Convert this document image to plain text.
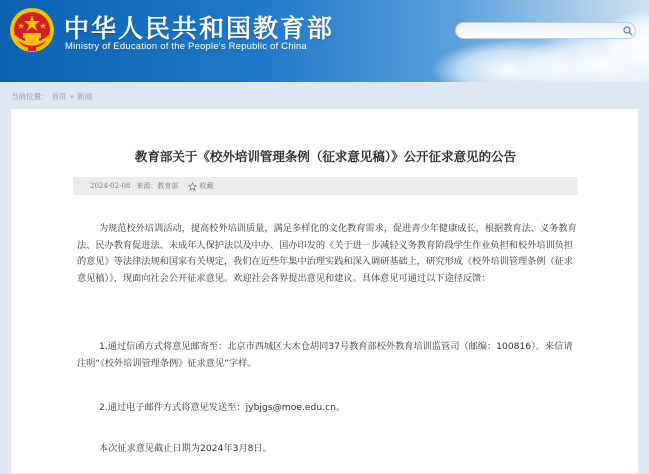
中华人民共和国教育部
Ministry of Education of the People's Republic of China
当前位置： 首页 » 新闻
教育部关于《校外培训管理条例（征求意见稿）》公开征求意见的公告
2024-02-08 来源：教育部	收藏

为规范校外培训活动，提高校外培训质量，满足多样化的文化教育需求，促进青少年健康成长，根据教育法、义务教育法、民办教育促进法、未成年人保护法以及中办、国办印发的《关于进一步减轻义务教育阶段学生作业负担和校外培训负担的意见》等法律法规和国家有关规定，我们在近些年集中治理实践和深入调研基础上，研究形成《校外培训管理条例（征求意见稿）》，现面向社会公开征求意见。欢迎社会各界提出意见和建议。具体意见可通过以下途径反馈：

1.通过信函方式将意见邮寄至：北京市西城区大木仓胡同37号教育部校外教育培训监管司（邮编：100816）。来信请注明“《校外培训管理条例》征求意见”字样。

2.通过电子邮件方式将意见发送至：jybjgs@moe.edu.cn。

本次征求意见截止日期为2024年3月8日。
